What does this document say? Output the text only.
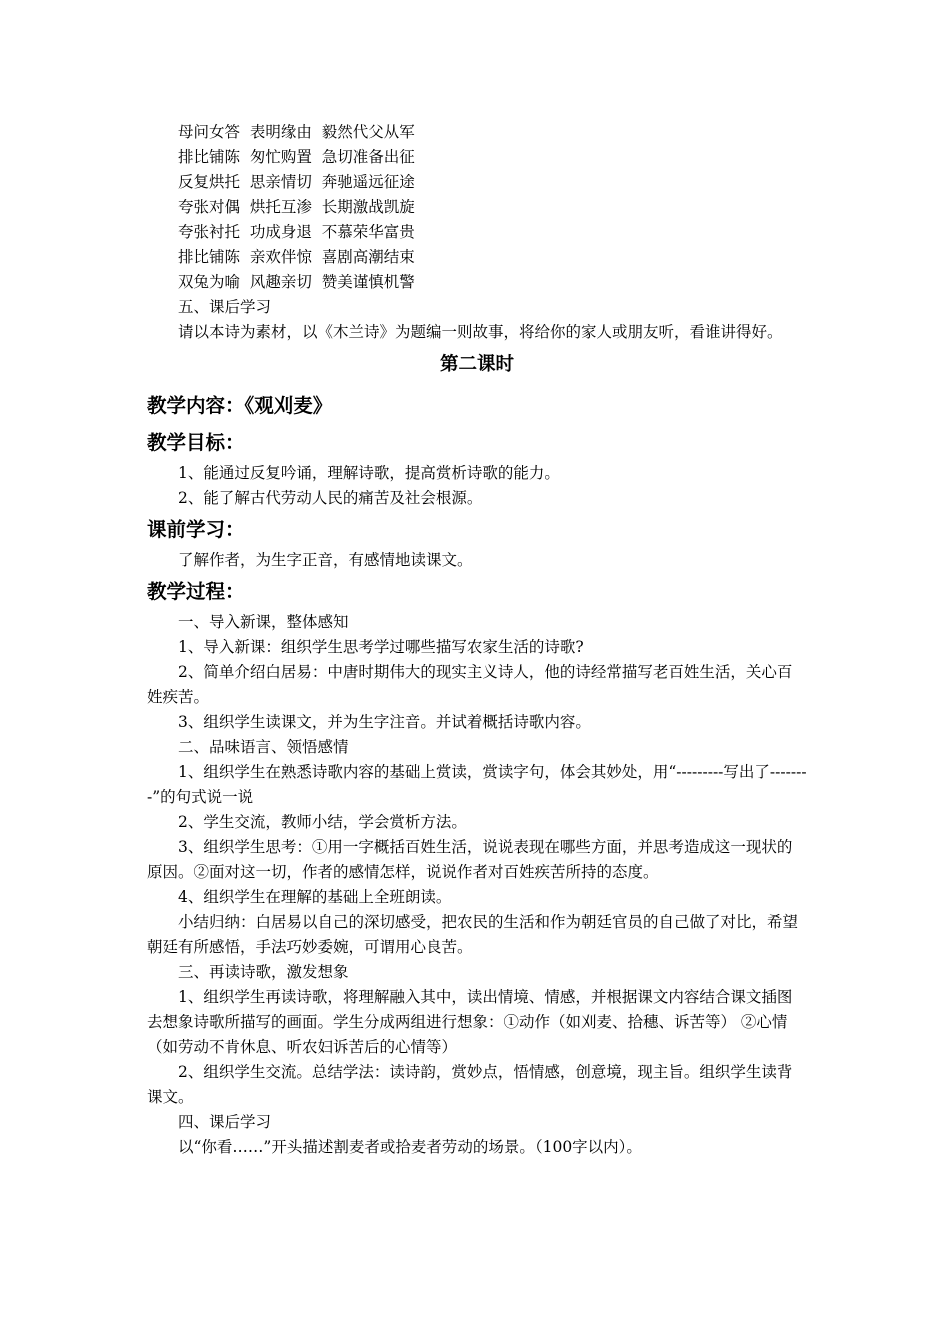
母问女答  表明缘由  毅然代父从军

排比铺陈  匆忙购置  急切准备出征

反复烘托  思亲情切  奔驰遥远征途

夸张对偶  烘托互渗  长期激战凯旋

夸张衬托  功成身退  不慕荣华富贵

排比铺陈  亲欢伴惊  喜剧高潮结束

双兔为喻  风趣亲切  赞美谨慎机警

五、课后学习

请以本诗为素材，以《木兰诗》为题编一则故事，将给你的家人或朋友听，看谁讲得好。

第二课时
教学内容：《观刈麦》
教学目标：

1、能通过反复吟诵，理解诗歌，提高赏析诗歌的能力。

2、能了解古代劳动人民的痛苦及社会根源。

课前学习：

了解作者，为生字正音，有感情地读课文。

教学过程：

一、导入新课，整体感知

1、导入新课：组织学生思考学过哪些描写农家生活的诗歌?

2、简单介绍白居易：中唐时期伟大的现实主义诗人，他的诗经常描写老百姓生活，关心百姓疾苦。

3、组织学生读课文，并为生字注音。并试着概括诗歌内容。

二、品味语言、领悟感情

1、组织学生在熟悉诗歌内容的基础上赏读，赏读字句，体会其妙处，用“---------写出了--------”的句式说一说

2、学生交流，教师小结，学会赏析方法。

3、组织学生思考：①用一字概括百姓生活，说说表现在哪些方面，并思考造成这一现状的原因。②面对这一切，作者的感情怎样，说说作者对百姓疾苦所持的态度。

4、组织学生在理解的基础上全班朗读。

小结归纳：白居易以自己的深切感受，把农民的生活和作为朝廷官员的自己做了对比，希望朝廷有所感悟，手法巧妙委婉，可谓用心良苦。

三、再读诗歌，激发想象

1、组织学生再读诗歌，将理解融入其中，读出情境、情感，并根据课文内容结合课文插图去想象诗歌所描写的画面。学生分成两组进行想象：①动作（如刈麦、拾穗、诉苦等） ②心情（如劳动不肯休息、听农妇诉苦后的心情等）

2、组织学生交流。总结学法：读诗韵，赏妙点，悟情感，创意境，现主旨。组织学生读背课文。

四、课后学习

以“你看……”开头描述割麦者或拾麦者劳动的场景。（100字以内）。
